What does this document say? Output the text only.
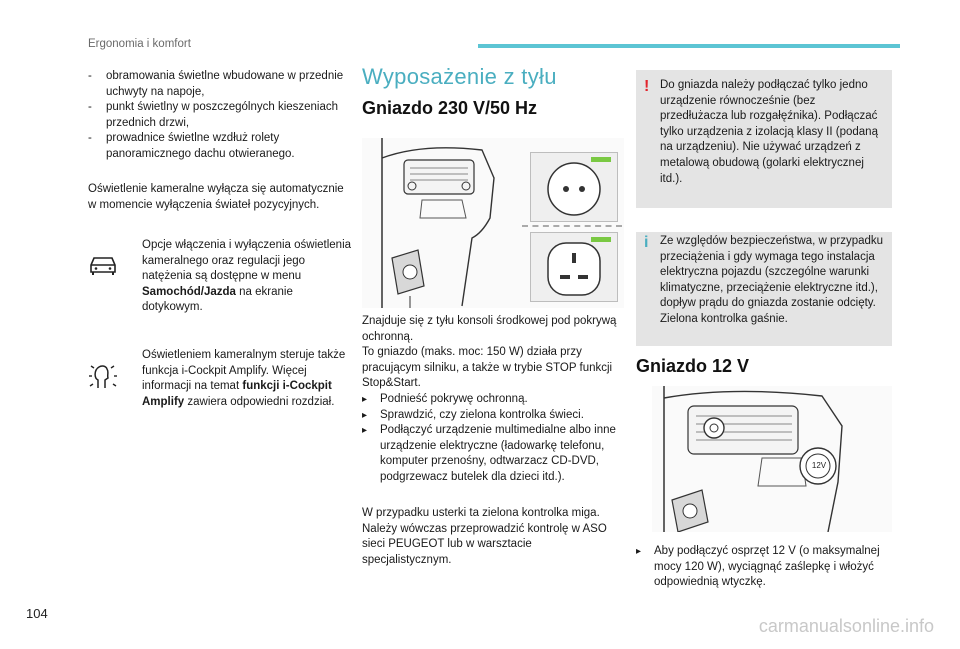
Ergonomia i komfort
- obramowania świetlne wbudowane w przednie uchwyty na napoje,
- punkt świetlny w poszczególnych kieszeniach przednich drzwi,
- prowadnice świetlne wzdłuż rolety panoramicznego dachu otwieranego.

Oświetlenie kameralne wyłącza się automatycznie w momencie wyłączenia świateł pozycyjnych.

Opcje włączenia i wyłączenia oświetlenia kameralnego oraz regulacji jego natężenia są dostępne w menu Samochód/Jazda na ekranie dotykowym.

Oświetleniem kameralnym steruje także funkcja i-Cockpit Amplify. Więcej informacji na temat funkcji i-Cockpit Amplify zawiera odpowiedni rozdział.

Wyposażenie z tyłu
Gniazdo 230 V/50 Hz
Znajduje się z tyłu konsoli środkowej pod pokrywą ochronną.
To gniazdo (maks. moc: 150 W) działa przy pracującym silniku, a także w trybie STOP funkcji Stop&Start.
▸ Podnieść pokrywę ochronną.
▸ Sprawdzić, czy zielona kontrolka świeci.
▸ Podłączyć urządzenie multimedialne albo inne urządzenie elektryczne (ładowarkę telefonu, komputer przenośny, odtwarzacz CD-DVD, podgrzewacz butelek dla dzieci itd.).

W przypadku usterki ta zielona kontrolka miga. Należy wówczas przeprowadzić kontrolę w ASO sieci PEUGEOT lub w warsztacie specjalistycznym.

! Do gniazda należy podłączać tylko jedno urządzenie równocześnie (bez przedłużacza lub rozgałęźnika). Podłączać tylko urządzenia z izolacją klasy II (podaną na urządzeniu). Nie używać urządzeń z metalową obudową (golarki elektrycznej itd.).

i Ze względów bezpieczeństwa, w przypadku przeciążenia i gdy wymaga tego instalacja elektryczna pojazdu (szczególne warunki klimatyczne, przeciążenie elektryczne itd.), dopływ prądu do gniazda zostanie odcięty. Zielona kontrolka gaśnie.

Gniazdo 12 V
12V
▸ Aby podłączyć osprzęt 12 V (o maksymalnej mocy 120 W), wyciągnąć zaślepkę i włożyć odpowiednią wtyczkę.
104
carmanualsonline.info
